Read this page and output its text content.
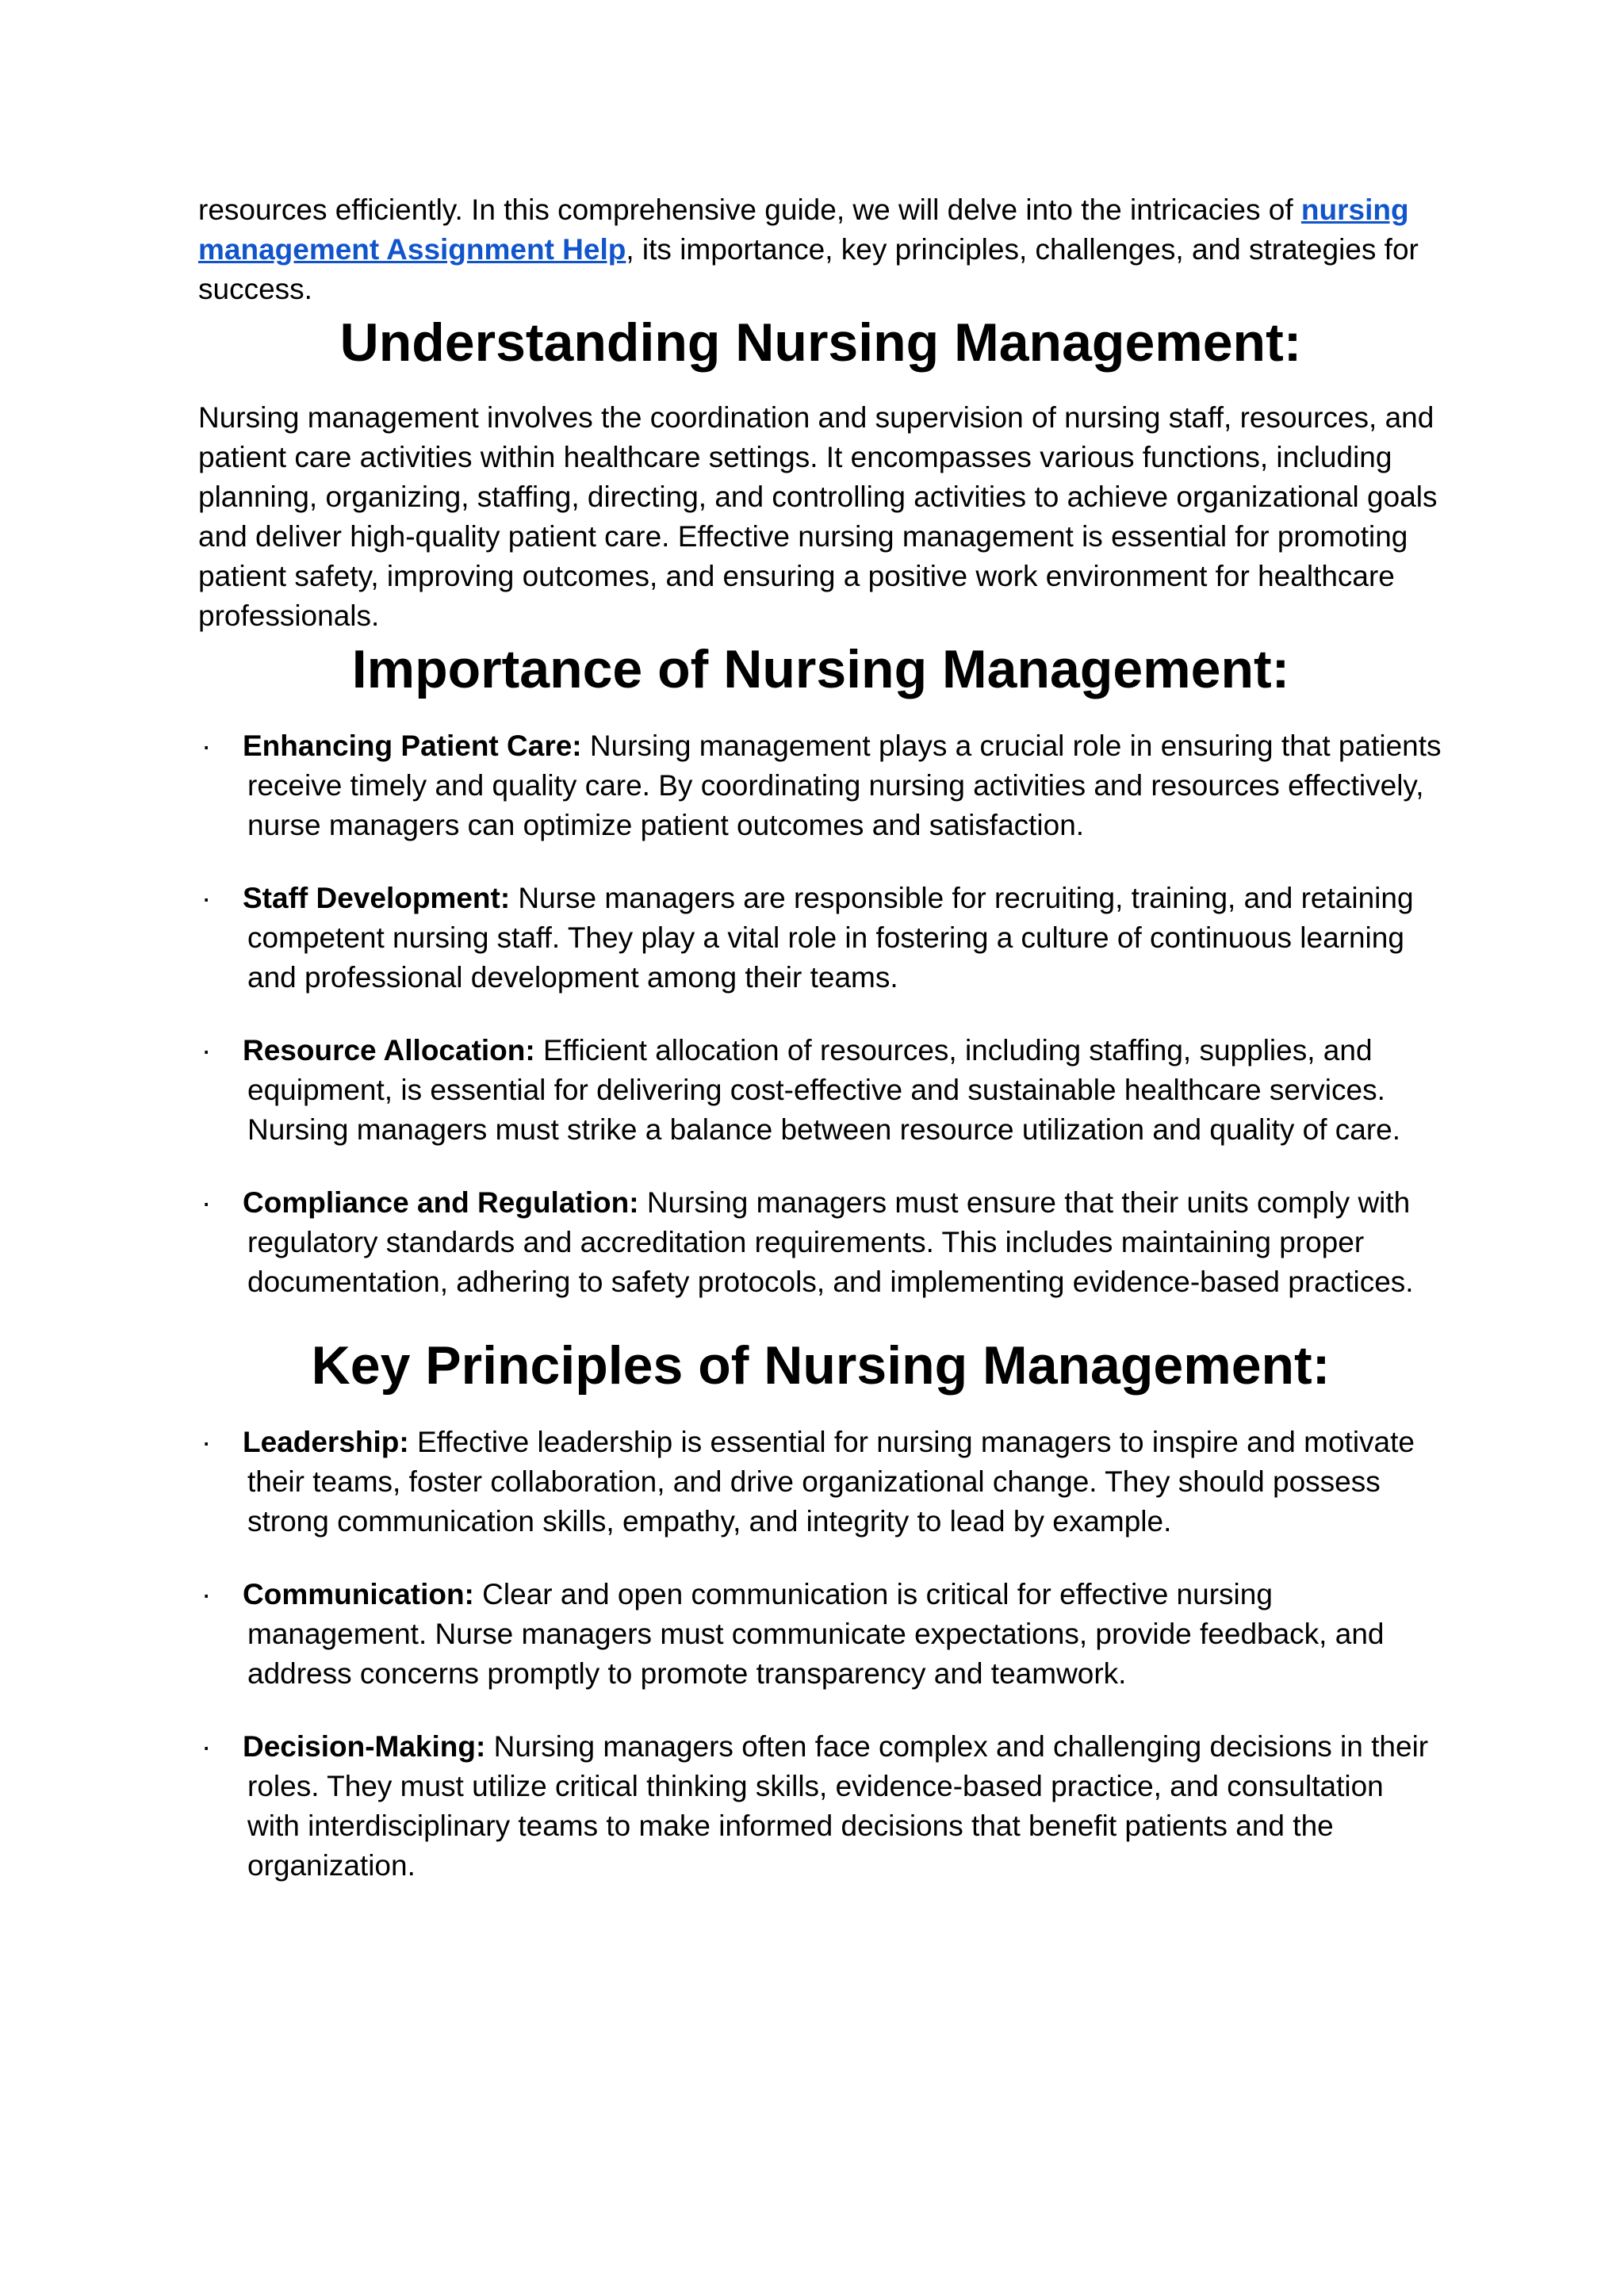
resources efficiently. In this comprehensive guide, we will delve into the intricacies of nursing management Assignment Help, its importance, key principles, challenges, and strategies for success.

Understanding Nursing Management:

Nursing management involves the coordination and supervision of nursing staff, resources, and patient care activities within healthcare settings. It encompasses various functions, including planning, organizing, staffing, directing, and controlling activities to achieve organizational goals and deliver high-quality patient care. Effective nursing management is essential for promoting patient safety, improving outcomes, and ensuring a positive work environment for healthcare professionals.

Importance of Nursing Management:
· Enhancing Patient Care: Nursing management plays a crucial role in ensuring that patients receive timely and quality care. By coordinating nursing activities and resources effectively, nurse managers can optimize patient outcomes and satisfaction.
· Staff Development: Nurse managers are responsible for recruiting, training, and retaining competent nursing staff. They play a vital role in fostering a culture of continuous learning and professional development among their teams.
· Resource Allocation: Efficient allocation of resources, including staffing, supplies, and equipment, is essential for delivering cost-effective and sustainable healthcare services. Nursing managers must strike a balance between resource utilization and quality of care.
· Compliance and Regulation: Nursing managers must ensure that their units comply with regulatory standards and accreditation requirements. This includes maintaining proper documentation, adhering to safety protocols, and implementing evidence-based practices.
Key Principles of Nursing Management:
· Leadership: Effective leadership is essential for nursing managers to inspire and motivate their teams, foster collaboration, and drive organizational change. They should possess strong communication skills, empathy, and integrity to lead by example.
· Communication: Clear and open communication is critical for effective nursing management. Nurse managers must communicate expectations, provide feedback, and address concerns promptly to promote transparency and teamwork.
· Decision-Making: Nursing managers often face complex and challenging decisions in their roles. They must utilize critical thinking skills, evidence-based practice, and consultation with interdisciplinary teams to make informed decisions that benefit patients and the organization.
